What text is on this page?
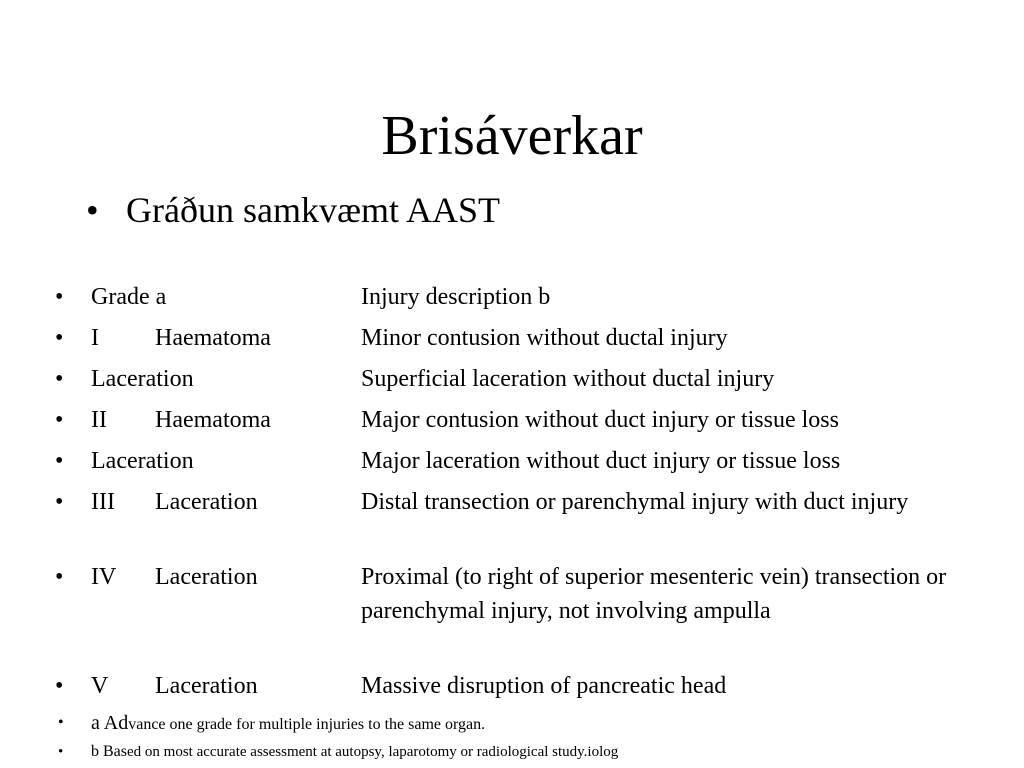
Brisáverkar
• Gráðun samkvæmt AAST
• Grade a	Injury description b
• I Haematoma	Minor contusion without ductal injury
• Laceration	Superficial laceration without ductal injury
• II Haematoma	Major contusion without duct injury or tissue loss
• Laceration	Major laceration without duct injury or tissue loss
• III Laceration	Distal transection or parenchymal injury with duct injury
• IV Laceration	Proximal (to right of superior mesenteric vein) transection or parenchymal injury, not involving ampulla
• V Laceration	Massive disruption of pancreatic head
• a Advance one grade for multiple injuries to the same organ.
• b Based on most accurate assessment at autopsy, laparotomy or radiological study.iolog
